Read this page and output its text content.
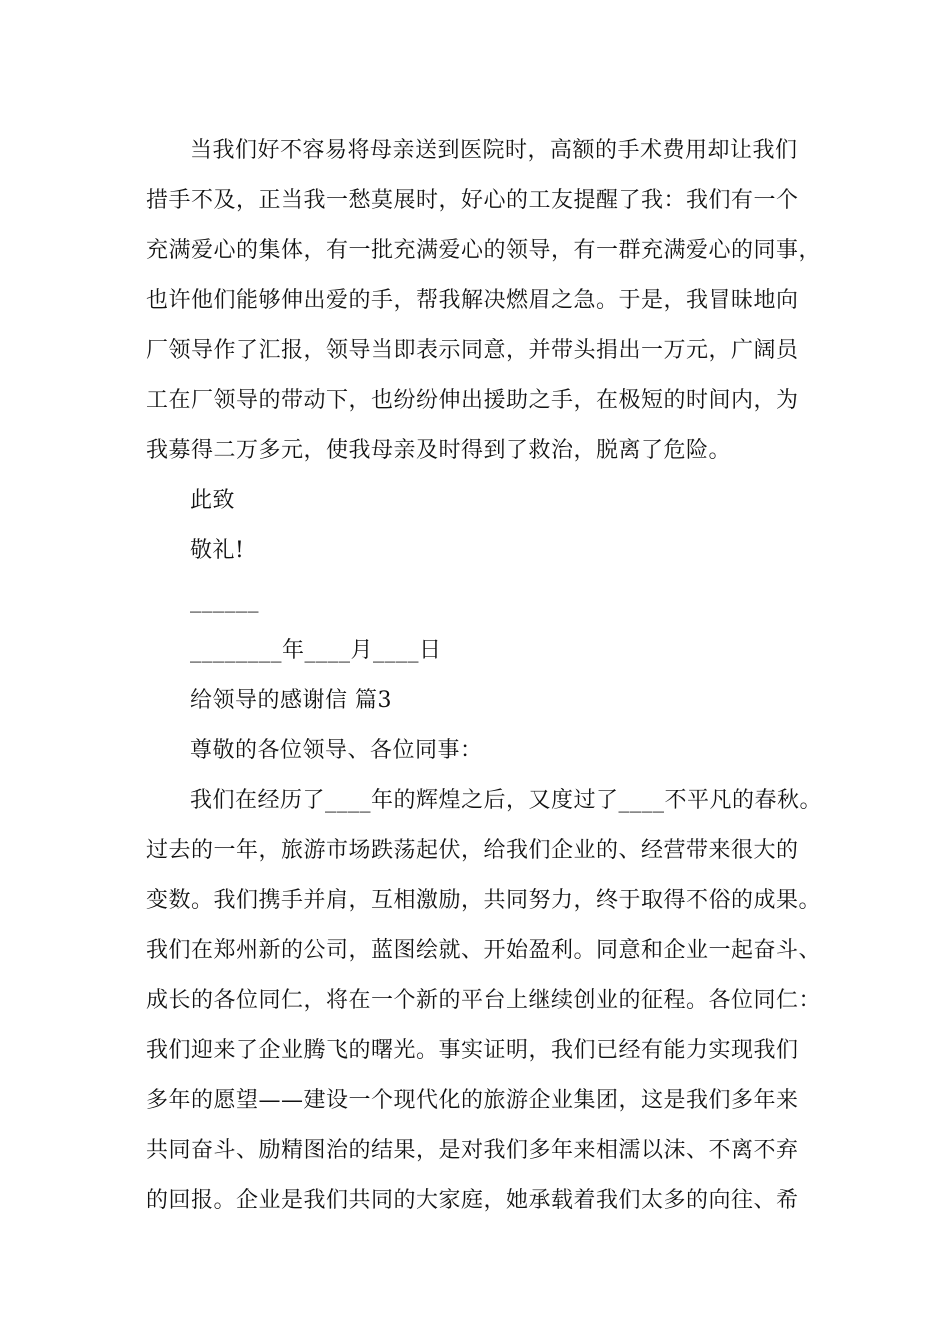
当我们好不容易将母亲送到医院时，高额的手术费用却让我们
措手不及，正当我一愁莫展时，好心的工友提醒了我：我们有一个
充满爱心的集体，有一批充满爱心的领导，有一群充满爱心的同事，
也许他们能够伸出爱的手，帮我解决燃眉之急。于是，我冒昧地向
厂领导作了汇报，领导当即表示同意，并带头捐出一万元，广阔员
工在厂领导的带动下，也纷纷伸出援助之手，在极短的时间内，为
我募得二万多元，使我母亲及时得到了救治，脱离了危险。
此致
敬礼!
______
________年____月____日
给领导的感谢信 篇3
尊敬的各位领导、各位同事：
我们在经历了____年的辉煌之后，又度过了____不平凡的春秋。
过去的一年，旅游市场跌荡起伏，给我们企业的、经营带来很大的
变数。我们携手并肩，互相激励，共同努力，终于取得不俗的成果。
我们在郑州新的公司，蓝图绘就、开始盈利。同意和企业一起奋斗、
成长的各位同仁，将在一个新的平台上继续创业的征程。各位同仁：
我们迎来了企业腾飞的曙光。事实证明，我们已经有能力实现我们
多年的愿望——建设一个现代化的旅游企业集团，这是我们多年来
共同奋斗、励精图治的结果，是对我们多年来相濡以沫、不离不弃
的回报。企业是我们共同的大家庭，她承载着我们太多的向往、希
